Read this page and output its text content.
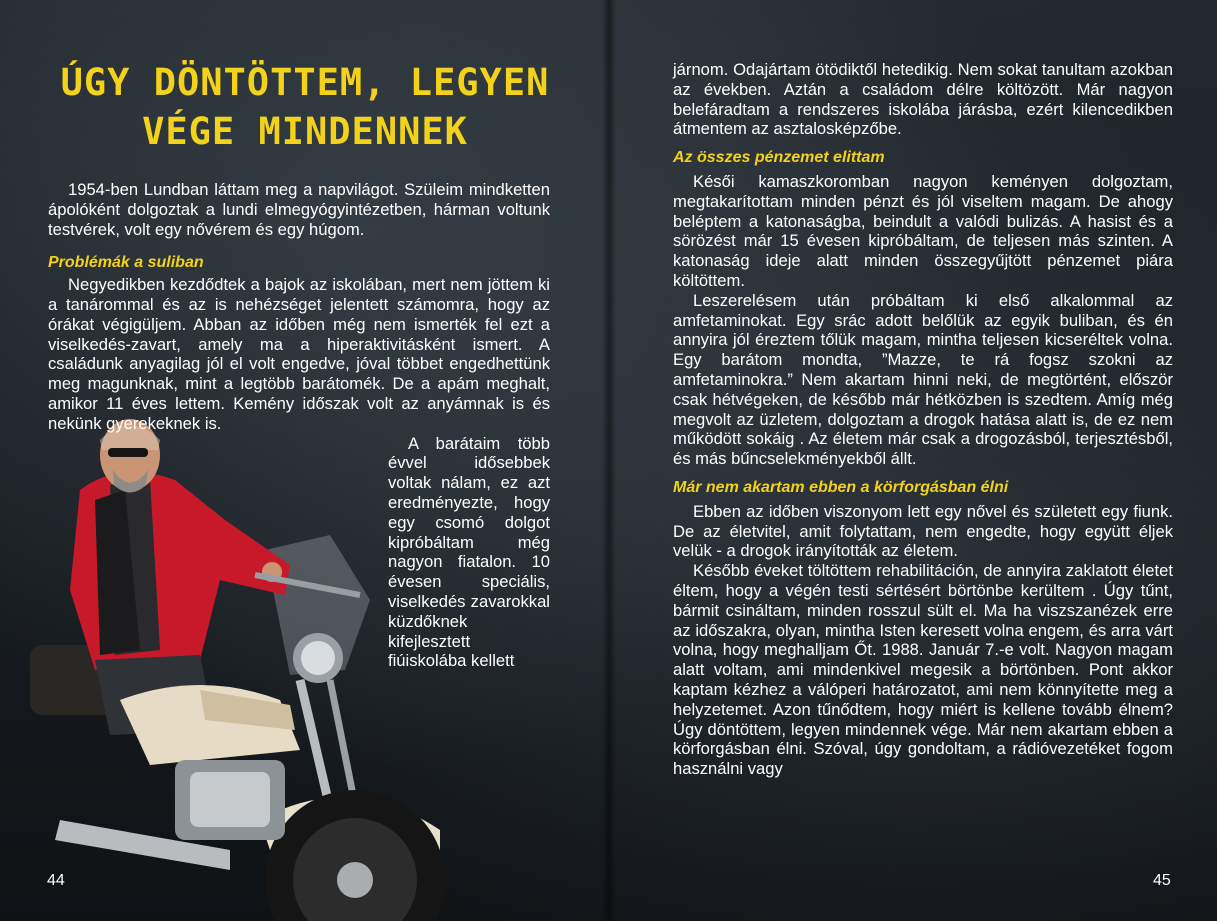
ÚGY DÖNTÖTTEM, LEGYEN
VÉGE MINDENNEK

1954-ben Lundban láttam meg a napvilágot. Szüleim mindketten ápolóként dolgoztak a lundi elmegyógyintézetben, hárman voltunk testvérek, volt egy nővérem és egy húgom.

Problémák a suliban

Negyedikben kezdődtek a bajok az iskolában, mert nem jöttem ki a tanárommal és az is nehézséget jelentett számomra, hogy az órákat végigüljem. Abban az időben még nem ismerték fel ezt a viselkedés-zavart, amely ma a hiperaktivitásként ismert. A családunk anyagilag jól el volt engedve, jóval többet engedhettünk meg magunknak, mint a legtöbb barátomék. De a apám meghalt, amikor 11 éves lettem. Kemény időszak volt az anyámnak is és nekünk gyerekeknek is.

A barátaim több évvel idősebbek voltak nálam, ez azt eredményezte, hogy egy csomó dolgot kipróbáltam még nagyon fiatalon. 10 évesen speciális, viselkedés zavarokkal küzdőknek kifejlesztett fiúiskolába kellett

járnom. Odajártam ötödiktől hetedikig. Nem sokat tanultam azokban az években. Aztán a családom délre költözött. Már nagyon belefáradtam a rendszeres iskolába járásba, ezért kilencedikben átmentem az asztalosképzőbe.

Az összes pénzemet elittam

Késői kamaszkoromban nagyon keményen dolgoztam, megtakarítottam minden pénzt és jól viseltem magam. De ahogy beléptem a katonaságba, beindult a valódi bulizás. A hasist és a sörözést már 15 évesen kipróbáltam, de teljesen más szinten. A katonaság ideje alatt minden összegyűjtött pénzemet piára költöttem.

Leszerelésem után próbáltam ki első alkalommal az amfetaminokat. Egy srác adott belőlük az egyik buliban, és én annyira jól éreztem tőlük magam, mintha teljesen kicseréltek volna. Egy barátom mondta, ”Mazze, te rá fogsz szokni az amfetaminokra.” Nem akartam hinni neki, de megtörtént, először csak hétvégeken, de később már hétközben is szedtem. Amíg még megvolt az üzletem, dolgoztam a drogok hatása alatt is, de ez nem működött sokáig . Az életem már csak a drogozásból, terjesztésből, és más bűncselekményekből állt.

Már nem akartam ebben a körforgásban élni

Ebben az időben viszonyom lett egy nővel és született egy fiunk. De az életvitel, amit folytattam, nem engedte, hogy együtt éljek velük - a drogok irányították az életem.

Később éveket töltöttem rehabilitáción, de annyira zaklatott életet éltem, hogy a végén testi sértésért börtönbe kerültem . Úgy tűnt, bármit csináltam, minden rosszul sült el. Ma ha viszszanézek erre az időszakra, olyan, mintha Isten keresett volna engem, és arra várt volna, hogy meghalljam Őt. 1988. Január 7.-e volt. Nagyon magam alatt voltam, ami mindenkivel megesik a börtönben. Pont akkor kaptam kézhez a válóperi határozatot, ami nem könnyítette meg a helyzetemet. Azon tűnődtem, hogy miért is kellene tovább élnem? Úgy döntöttem, legyen mindennek vége. Már nem akartam ebben a körforgásban élni. Szóval, úgy gondoltam, a rádióvezetéket fogom használni vagy

44	45
